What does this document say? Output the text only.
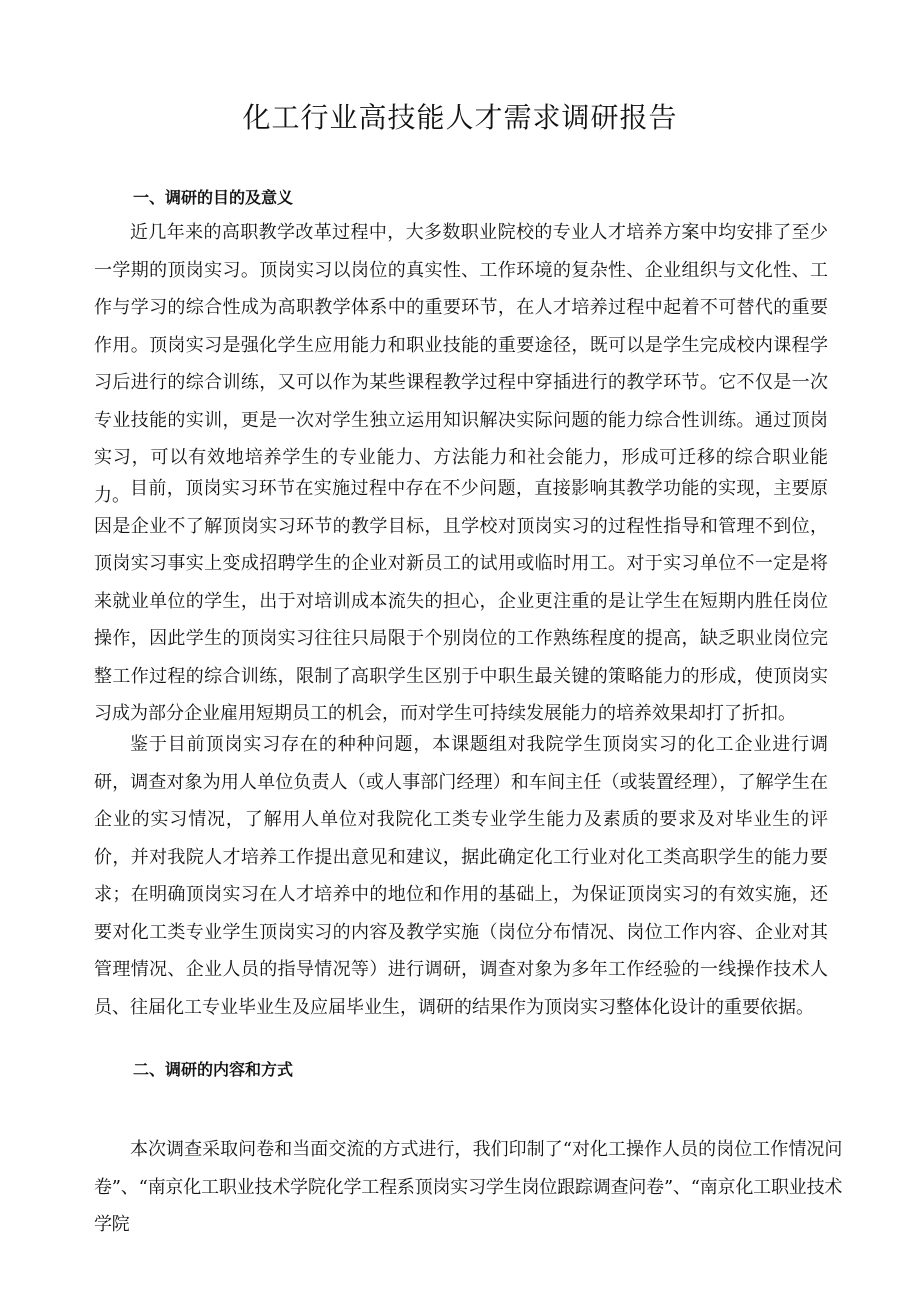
化工行业高技能人才需求调研报告
一、调研的目的及意义

近几年来的高职教学改革过程中，大多数职业院校的专业人才培养方案中均安排了至少一学期的顶岗实习。顶岗实习以岗位的真实性、工作环境的复杂性、企业组织与文化性、工作与学习的综合性成为高职教学体系中的重要环节，在人才培养过程中起着不可替代的重要作用。顶岗实习是强化学生应用能力和职业技能的重要途径，既可以是学生完成校内课程学习后进行的综合训练，又可以作为某些课程教学过程中穿插进行的教学环节。它不仅是一次专业技能的实训，更是一次对学生独立运用知识解决实际问题的能力综合性训练。通过顶岗实习，可以有效地培养学生的专业能力、方法能力和社会能力，形成可迁移的综合职业能力。 目前，顶岗实习环节在实施过程中存在不少问题，直接影响其教学功能的实现，主要原因是企业不了解顶岗实习环节的教学目标，且学校对顶岗实习的过程性指导和管理不到位，顶岗实习事实上变成招聘学生的企业对新员工的试用或临时用工。对于实习单位不一定是将来就业单位的学生，出于对培训成本流失的担心，企业更注重的是让学生在短期内胜任岗位操作，因此学生的顶岗实习往往只局限于个别岗位的工作熟练程度的提高，缺乏职业岗位完整工作过程的综合训练，限制了高职学生区别于中职生最关键的策略能力的形成，使顶岗实习成为部分企业雇用短期员工的机会，而对学生可持续发展能力的培养效果却打了折扣。

鉴于目前顶岗实习存在的种种问题，本课题组对我院学生顶岗实习的化工企业进行调研，调查对象为用人单位负责人（或人事部门经理）和车间主任（或装置经理），了解学生在企业的实习情况，了解用人单位对我院化工类专业学生能力及素质的要求及对毕业生的评价，并对我院人才培养工作提出意见和建议，据此确定化工行业对化工类高职学生的能力要求；在明确顶岗实习在人才培养中的地位和作用的基础上，为保证顶岗实习的有效实施，还要对化工类专业学生顶岗实习的内容及教学实施（岗位分布情况、岗位工作内容、企业对其管理情况、企业人员的指导情况等）进行调研，调查对象为多年工作经验的一线操作技术人员、往届化工专业毕业生及应届毕业生，调研的结果作为顶岗实习整体化设计的重要依据。

二、调研的内容和方式

本次调查采取问卷和当面交流的方式进行，我们印制了“对化工操作人员的岗位工作情况问卷”、“南京化工职业技术学院化学工程系顶岗实习学生岗位跟踪调查问卷”、“南京化工职业技术学院
